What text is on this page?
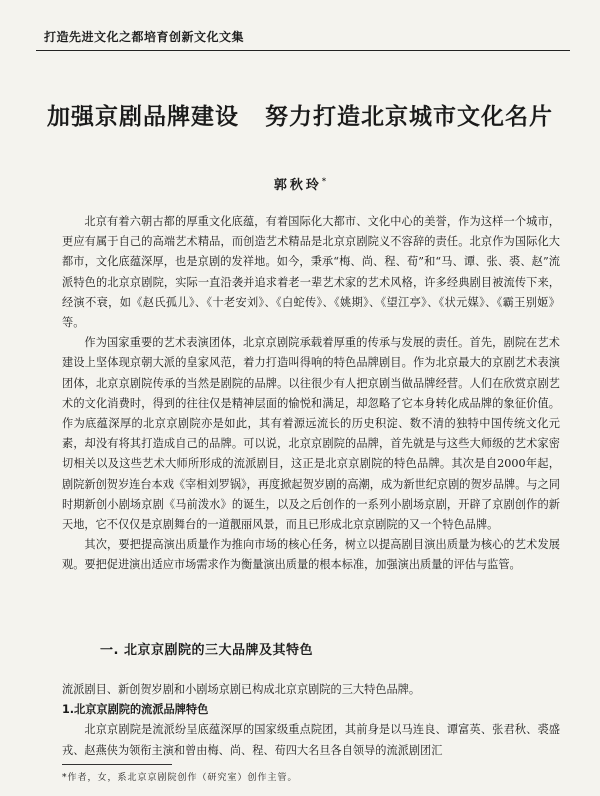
打造先进文化之都培育创新文化文集
加强京剧品牌建设 努力打造北京城市文化名片
郭秋玲*

北京有着六朝古都的厚重文化底蕴，有着国际化大都市、文化中心的美誉，作为这样一个城市，更应有属于自己的高端艺术精品，而创造艺术精品是北京京剧院义不容辞的责任。北京作为国际化大都市，文化底蕴深厚，也是京剧的发祥地。如今，秉承“梅、尚、程、荀”和“马、谭、张、裘、赵”流派特色的北京京剧院，实际一直沿袭并追求着老一辈艺术家的艺术风格，许多经典剧目被流传下来，经演不衰，如《赵氏孤儿》、《十老安刘》、《白蛇传》、《姚期》、《望江亭》、《状元媒》、《霸王别姬》等。

作为国家重要的艺术表演团体，北京京剧院承载着厚重的传承与发展的责任。首先，剧院在艺术建设上坚体现京朝大派的皇家风范，着力打造叫得响的特色品牌剧目。作为北京最大的京剧艺术表演团体，北京京剧院传承的当然是剧院的品牌。以往很少有人把京剧当做品牌经营。人们在欣赏京剧艺术的文化消费时，得到的往往仅是精神层面的愉悦和满足，却忽略了它本身转化成品牌的象征价值。作为底蕴深厚的北京京剧院亦是如此，其有着源远流长的历史积淀、数不清的独特中国传统文化元素，却没有将其打造成自己的品牌。可以说，北京京剧院的品牌，首先就是与这些大师级的艺术家密切相关以及这些艺术大师所形成的流派剧目，这正是北京京剧院的特色品牌。其次是自2000年起，剧院新创贺岁连台本戏《宰相刘罗锅》，再度掀起贺岁剧的高潮，成为新世纪京剧的贺岁品牌。与之同时期新创小剧场京剧《马前泼水》的诞生，以及之后创作的一系列小剧场京剧，开辟了京剧创作的新天地，它不仅仅是京剧舞台的一道靓丽风景，而且已形成北京京剧院的又一个特色品牌。

其次，要把提高演出质量作为推向市场的核心任务，树立以提高剧目演出质量为核心的艺术发展观。要把促进演出适应市场需求作为衡量演出质量的根本标准，加强演出质量的评估与监管。

一. 北京京剧院的三大品牌及其特色

流派剧目、新创贺岁剧和小剧场京剧已构成北京京剧院的三大特色品牌。

1.北京京剧院的流派品牌特色

北京京剧院是流派纷呈底蕴深厚的国家级重点院团，其前身是以马连良、谭富英、张君秋、裘盛戎、赵燕侠为领衔主演和曾由梅、尚、程、荀四大名旦各自领导的流派剧团汇

*作者，女，系北京京剧院创作（研究室）创作主管。
